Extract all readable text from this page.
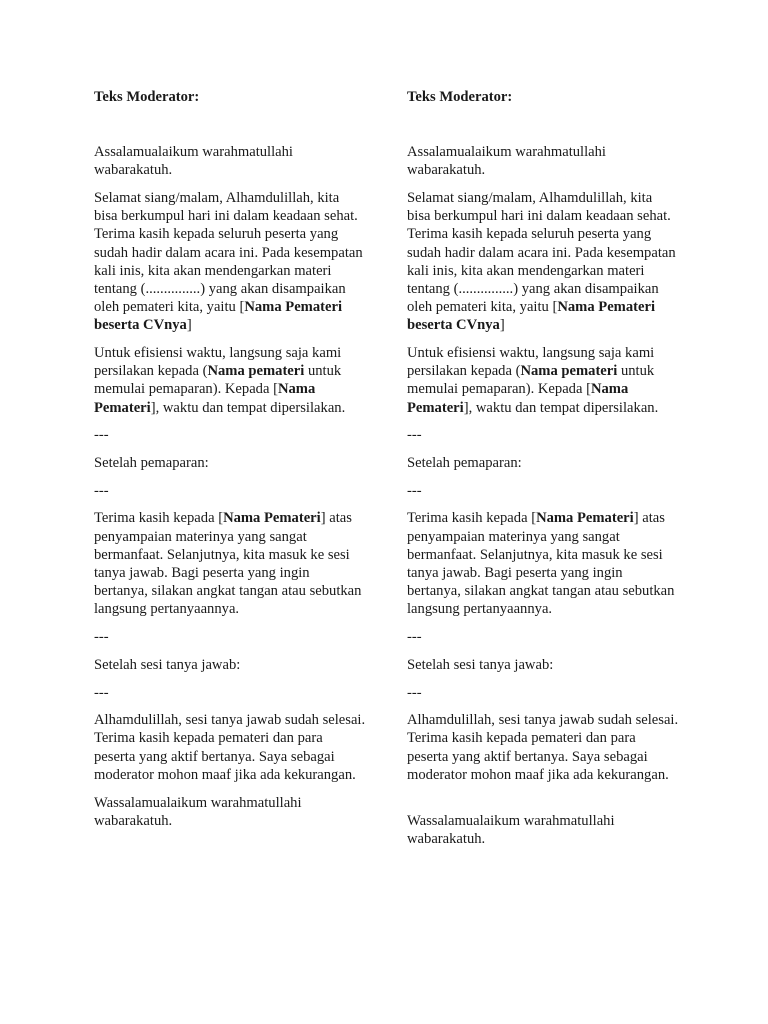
Teks Moderator:
Assalamualaikum warahmatullahi wabarakatuh.
Selamat siang/malam, Alhamdulillah, kita bisa berkumpul hari ini dalam keadaan sehat. Terima kasih kepada seluruh peserta yang sudah hadir dalam acara ini. Pada kesempatan kali inis, kita akan mendengarkan materi tentang (...............) yang akan disampaikan oleh pemateri kita, yaitu [Nama Pemateri beserta CVnya]
Untuk efisiensi waktu, langsung saja kami persilakan kepada (Nama pemateri untuk memulai pemaparan). Kepada [Nama Pemateri], waktu dan tempat dipersilakan.
---
Setelah pemaparan:
---
Terima kasih kepada [Nama Pemateri] atas penyampaian materinya yang sangat bermanfaat. Selanjutnya, kita masuk ke sesi tanya jawab. Bagi peserta yang ingin bertanya, silakan angkat tangan atau sebutkan langsung pertanyaannya.
---
Setelah sesi tanya jawab:
---
Alhamdulillah, sesi tanya jawab sudah selesai. Terima kasih kepada pemateri dan para peserta yang aktif bertanya. Saya sebagai moderator mohon maaf jika ada kekurangan.
Wassalamualaikum warahmatullahi wabarakatuh.
Teks Moderator:
Assalamualaikum warahmatullahi wabarakatuh.
Selamat siang/malam, Alhamdulillah, kita bisa berkumpul hari ini dalam keadaan sehat. Terima kasih kepada seluruh peserta yang sudah hadir dalam acara ini. Pada kesempatan kali inis, kita akan mendengarkan materi tentang (...............) yang akan disampaikan oleh pemateri kita, yaitu [Nama Pemateri beserta CVnya]
Untuk efisiensi waktu, langsung saja kami persilakan kepada (Nama pemateri untuk memulai pemaparan). Kepada [Nama Pemateri], waktu dan tempat dipersilakan.
---
Setelah pemaparan:
---
Terima kasih kepada [Nama Pemateri] atas penyampaian materinya yang sangat bermanfaat. Selanjutnya, kita masuk ke sesi tanya jawab. Bagi peserta yang ingin bertanya, silakan angkat tangan atau sebutkan langsung pertanyaannya.
---
Setelah sesi tanya jawab:
---
Alhamdulillah, sesi tanya jawab sudah selesai. Terima kasih kepada pemateri dan para peserta yang aktif bertanya. Saya sebagai moderator mohon maaf jika ada kekurangan.
Wassalamualaikum warahmatullahi wabarakatuh.
